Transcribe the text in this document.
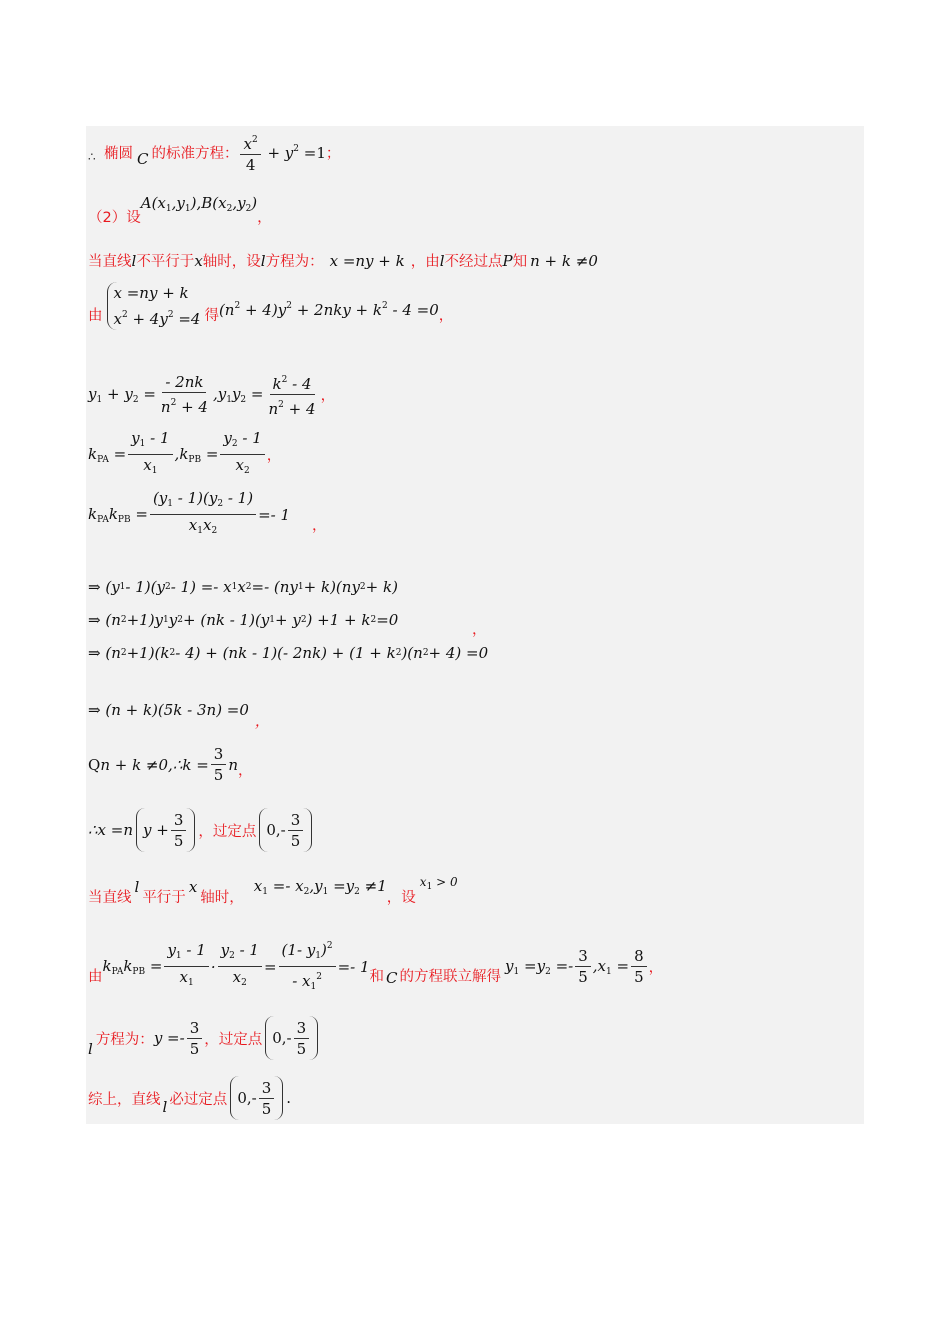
∴ 椭圆 C 的标准方程： $\frac{x^2}{4} + y^2 =1$ ；
（2）设
$A(x_1,y_1),B(x_2,y_2)$
，
当直线 l 不平行于 x 轴时，设 l 方程为： x =ny + k ，由 l 不经过点 P 知 n + k ≠0
由
x =ny + k
$x^2 + 4y^2 =4$ 得 $(n^2 + 4)y^2 + 2nky + k^2 - 4 =0$ ，
$y_1 + y_2 = \frac{- 2nk}{n^2 + 4} ,y_1y_2 = \frac{k^2 - 4}{n^2 + 4}$ ，
$k_{PA} = \frac{y_1 - 1}{x_1} ,k_{PB} = \frac{y_2 - 1}{x_2}$ ，
$k_{PA}k_{PB} = \frac{(y_1 - 1)(y_2 - 1)}{x_1x_2} =- 1$
，
⇒ (y 1 - 1)(y 2 - 1) =- x 1 x 2 =- (ny 1 + k)(ny 2 + k)
⇒ (n 2 +1)y 1 y 2 + (nk - 1)(y 1 + y 2 ) +1 + k 2 =0
⇒ (n 2 +1)(k 2 - 4) + (nk - 1)(- 2nk) + (1 + k 2 )(n 2 + 4) =0
，
⇒ (n + k)(5k - 3n) =0
，
Q n + k ≠0,∴k = $\frac{3}{5}$ n ，
∴x =n $y + \frac{3}{5}$ ，过定点 $0,- \frac{3}{5}$
当直线
l
平行于
x
轴时，
$x_1 =- x_2,y_1 =y_2 \ne 1$
，设
$x_1 > 0$
由
$k_{PA}k_{PB} = \frac{y_1 - 1}{x_1} \cdot \frac{y_2 - 1}{x_2} = \frac{(1- y_1)^2}{- x_1^2} =- 1$
和 C 的方程联立解得
$y_1 =y_2 =- \frac{3}{5} ,x_1 = \frac{8}{5}$ ，
l
方程为： $y =- \frac{3}{5}$ ，过定点 $0,- \frac{3}{5}$
综上，直线 l 必过定点 $0,- \frac{3}{5}$ .
